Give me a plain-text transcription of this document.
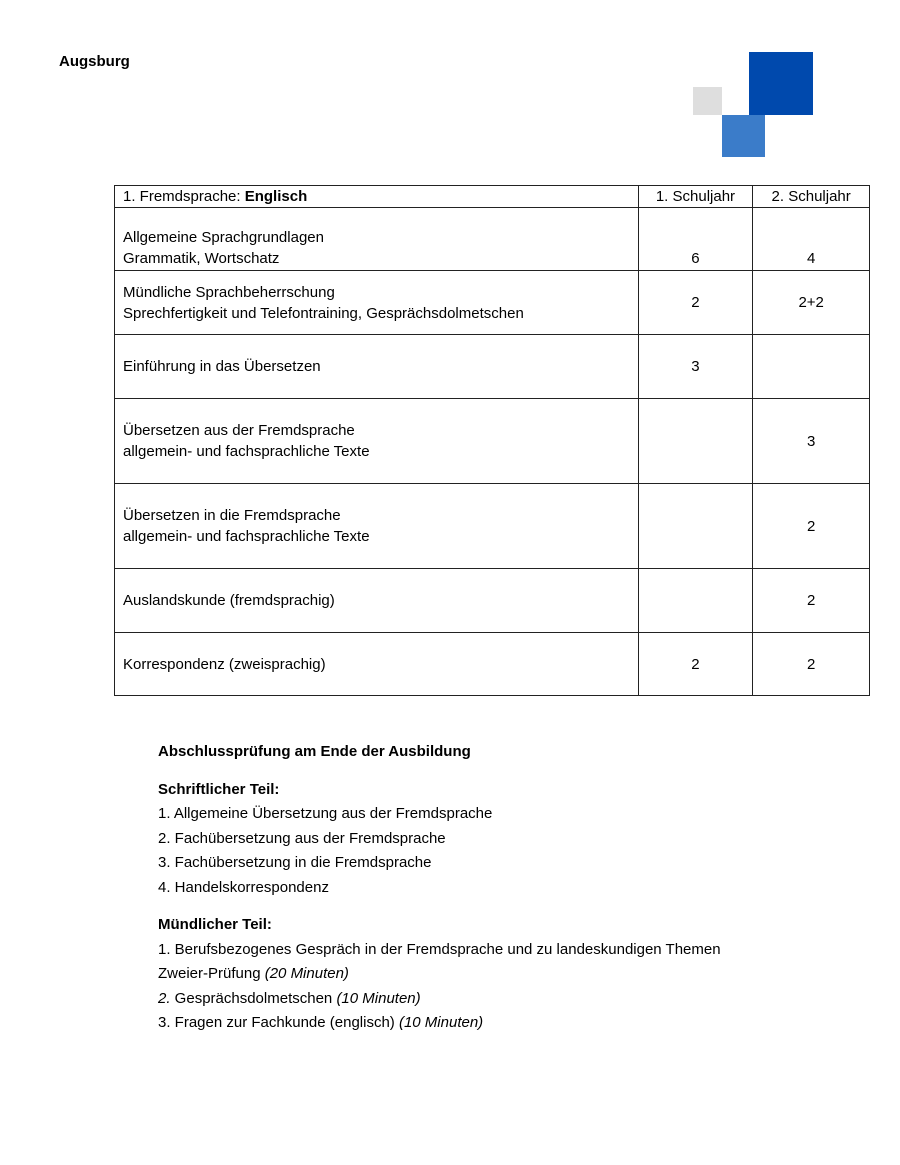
Augsburg
1. Fremdsprache: Englisch	1. Schuljahr	2. Schuljahr

Allgemeine Sprachgrundlagen
Grammatik, Wortschatz	6	4

Mündliche Sprachbeherrschung
Sprechfertigkeit und Telefontraining, Gesprächsdolmetschen	2	2+2

Einführung in das Übersetzen	3	

Übersetzen aus der Fremdsprache
allgemein- und fachsprachliche Texte		3

Übersetzen in die Fremdsprache
allgemein- und fachsprachliche Texte		2

Auslandskunde (fremdsprachig)		2

Korrespondenz (zweisprachig)	2	2
Abschlussprüfung am Ende der Ausbildung
Schriftlicher Teil:
1. Allgemeine Übersetzung aus der Fremdsprache
2. Fachübersetzung aus der Fremdsprache
3. Fachübersetzung in die Fremdsprache
4. Handelskorrespondenz
Mündlicher Teil:
1. Berufsbezogenes Gespräch in der Fremdsprache und zu landeskundigen Themen
Zweier-Prüfung (20 Minuten)
2. Gesprächsdolmetschen (10 Minuten)
3. Fragen zur Fachkunde (englisch) (10 Minuten)
